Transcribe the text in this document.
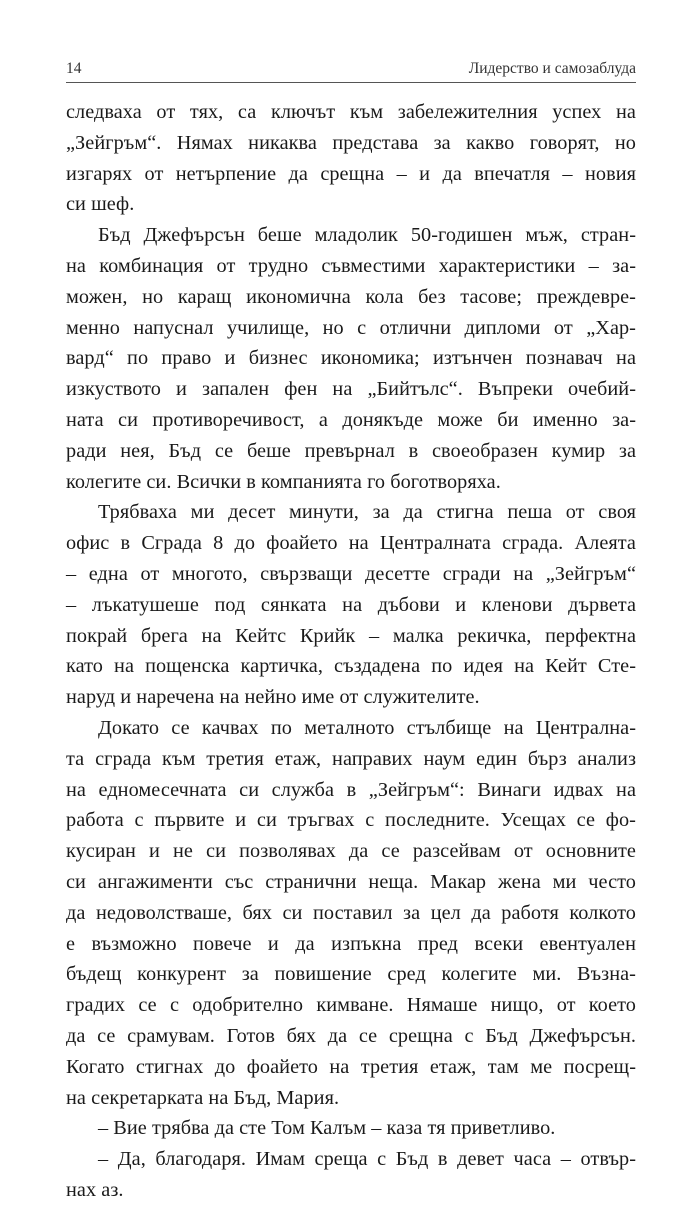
14	Лидерство и самозаблуда
следваха от тях, са ключът към забележителния успех на
„Зейгръм“. Нямах никаква представа за какво говорят, но
изгарях от нетърпение да срещна – и да впечатля – новия
си шеф.
Бъд Джефърсън беше младолик 50-годишен мъж, стран-
на комбинация от трудно съвместими характеристики – за-
можен, но каращ икономична кола без тасове; преждевре-
менно напуснал училище, но с отлични дипломи от „Хар-
вард“ по право и бизнес икономика; изтънчен познавач на
изкуството и запален фен на „Бийтълс“. Въпреки очебий-
ната си противоречивост, а донякъде може би именно за-
ради нея, Бъд се беше превърнал в своеобразен кумир за
колегите си. Всички в компанията го боготворяха.
Трябваха ми десет минути, за да стигна пеша от своя
офис в Сграда 8 до фоайето на Централната сграда. Алеята
– една от многото, свързващи десетте сгради на „Зейгръм“
– лъкатушеше под сянката на дъбови и кленови дървета
покрай брега на Кейтс Крийк – малка рекичка, перфектна
като на пощенска картичка, създадена по идея на Кейт Сте-
наруд и наречена на нейно име от служителите.
Докато се качвах по металното стълбище на Централна-
та сграда към третия етаж, направих наум един бърз анализ
на едномесечната си служба в „Зейгръм“: Винаги идвах на
работа с първите и си тръгвах с последните. Усещах се фо-
кусиран и не си позволявах да се разсейвам от основните
си ангажименти със странични неща. Макар жена ми често
да недоволстваше, бях си поставил за цел да работя колкото
е възможно повече и да изпъкна пред всеки евентуален
бъдещ конкурент за повишение сред колегите ми. Възна-
градих се с одобрително кимване. Нямаше нищо, от което
да се срамувам. Готов бях да се срещна с Бъд Джефърсън.
Когато стигнах до фоайето на третия етаж, там ме посрещ-
на секретарката на Бъд, Мария.
– Вие трябва да сте Том Калъм – каза тя приветливо.
– Да, благодаря. Имам среща с Бъд в девет часа – отвър-
нах аз.
